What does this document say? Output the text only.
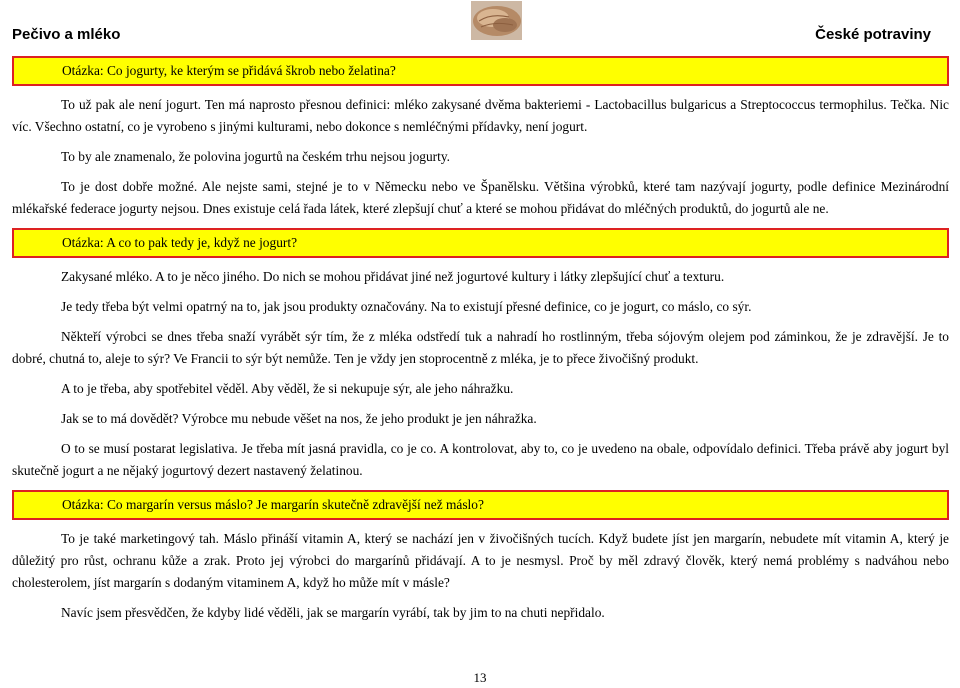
Pečivo a mléko	České potraviny
Otázka: Co jogurty, ke kterým se přidává škrob nebo želatina?
To už pak ale není jogurt. Ten má naprosto přesnou definici: mléko zakysané dvěma bakteriemi - Lactobacillus bulgaricus a Streptococcus termophilus. Tečka. Nic víc. Všechno ostatní, co je vyrobeno s jinými kulturami, nebo dokonce s nemléčnými přídavky, není jogurt.
To by ale znamenalo, že polovina jogurtů na českém trhu nejsou jogurty.
To je dost dobře možné. Ale nejste sami, stejné je to v Německu nebo ve Španělsku. Většina výrobků, které tam nazývají jogurty, podle definice Mezinárodní mlékařské federace jogurty nejsou. Dnes existuje celá řada látek, které zlepšují chuť a které se mohou přidávat do mléčných produktů, do jogurtů ale ne.
Otázka: A co to pak tedy je, když ne jogurt?
Zakysané mléko. A to je něco jiného. Do nich se mohou přidávat jiné než jogurtové kultury i látky zlepšující chuť a texturu.
Je tedy třeba být velmi opatrný na to, jak jsou produkty označovány. Na to existují přesné definice, co je jogurt, co máslo, co sýr.
Někteří výrobci se dnes třeba snaží vyrábět sýr tím, že z mléka odstředí tuk a nahradí ho rostlinným, třeba sójovým olejem pod záminkou, že je zdravější. Je to dobré, chutná to, aleje to sýr? Ve Francii to sýr být nemůže. Ten je vždy jen stoprocentně z mléka, je to přece živočišný produkt.
A to je třeba, aby spotřebitel věděl. Aby věděl, že si nekupuje sýr, ale jeho náhražku.
Jak se to má dovědět? Výrobce mu nebude věšet na nos, že jeho produkt je jen náhražka.
O to se musí postarat legislativa. Je třeba mít jasná pravidla, co je co. A kontrolovat, aby to, co je uvedeno na obale, odpovídalo definici. Třeba právě aby jogurt byl skutečně jogurt a ne nějaký jogurtový dezert nastavený želatinou.
Otázka: Co margarín versus máslo? Je margarín skutečně zdravější než máslo?
To je také marketingový tah. Máslo přináší vitamin A, který se nachází jen v živočišných tucích. Když budete jíst jen margarín, nebudete mít vitamin A, který je důležitý pro růst, ochranu kůže a zrak. Proto jej výrobci do margarínů přidávají. A to je nesmysl. Proč by měl zdravý člověk, který nemá problémy s nadváhou nebo cholesterolem, jíst margarín s dodaným vitaminem A, když ho může mít v másle?
Navíc jsem přesvědčen, že kdyby lidé věděli, jak se margarín vyrábí, tak by jim to na chuti nepřidalo.
13
